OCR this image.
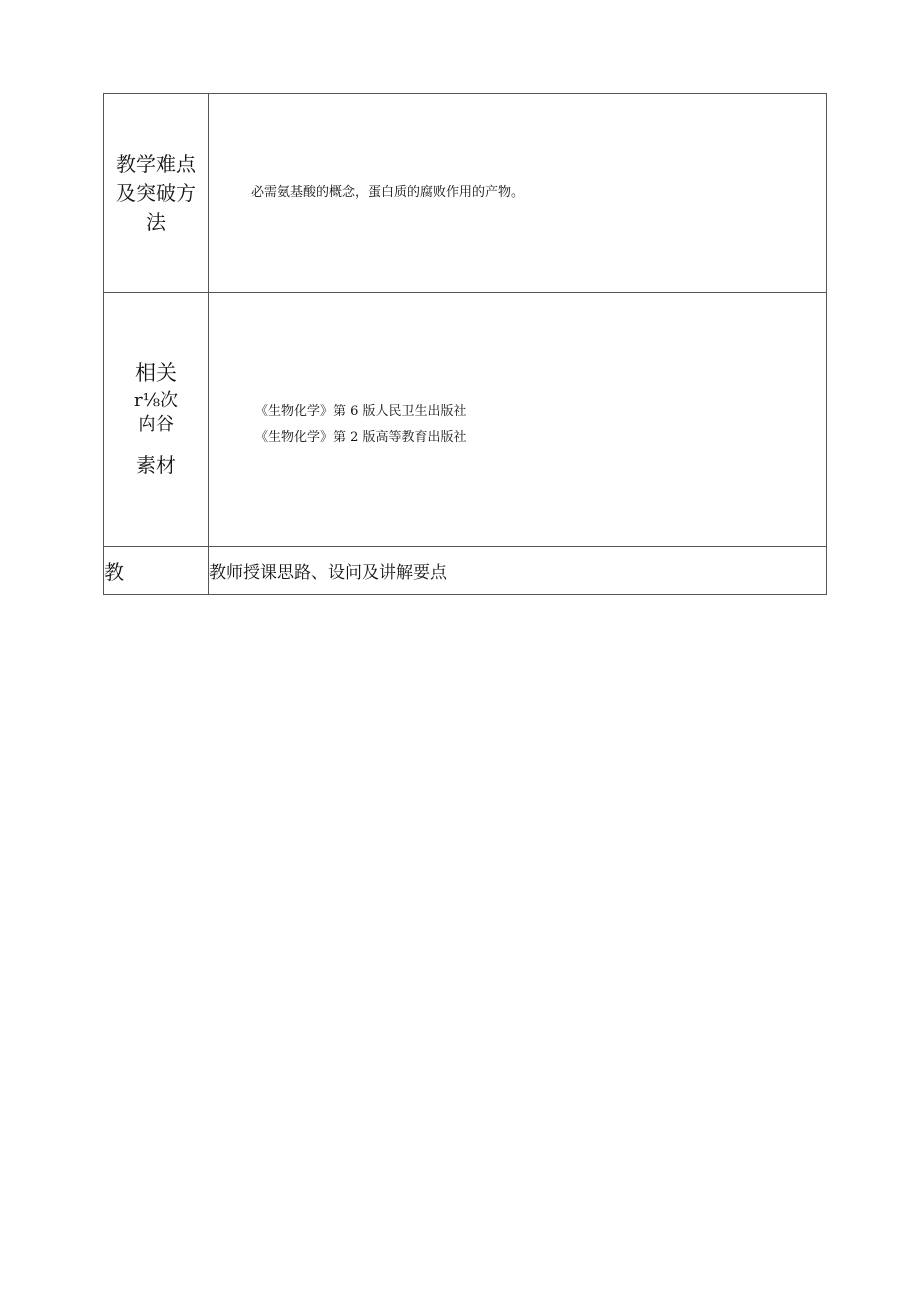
教学难点
及突破方
法	必需氨基酸的概念，蛋白质的腐败作用的产物。

相关
r⅛次
禸谷
素材	《生物化学》第 6 版人民卫生出版社
《生物化学》第 2 版高等教育出版社

教	教师授课思路、设问及讲解要点
